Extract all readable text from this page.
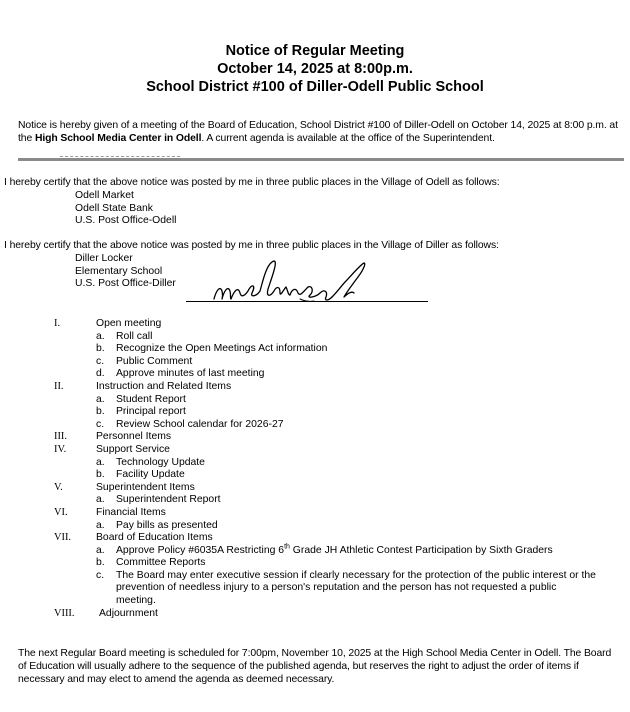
Notice of Regular Meeting
October 14, 2025 at 8:00p.m.
School District #100 of Diller-Odell Public School
Notice is hereby given of a meeting of the Board of Education, School District #100 of Diller-Odell on October 14, 2025 at 8:00 p.m. at the High School Media Center in Odell. A current agenda is available at the office of the Superintendent.
I hereby certify that the above notice was posted by me in three public places in the Village of Odell as follows:
Odell Market
Odell State Bank
U.S. Post Office-Odell
I hereby certify that the above notice was posted by me in three public places in the Village of Diller as follows:
Diller Locker
Elementary School
U.S. Post Office-Diller
I.	Open meeting
a. Roll call
b. Recognize the Open Meetings Act information
c. Public Comment
d. Approve minutes of last meeting
II.	Instruction and Related Items
a. Student Report
b. Principal report
c. Review School calendar for 2026-27
III.	Personnel Items
IV.	Support Service
a. Technology Update
b. Facility Update
V.	Superintendent Items
a. Superintendent Report
VI.	Financial Items
a. Pay bills as presented
VII. Board of Education Items
a. Approve Policy #6035A Restricting 6th Grade JH Athletic Contest Participation by Sixth Graders
b. Committee Reports
c. The Board may enter executive session if clearly necessary for the protection of the public interest or the prevention of needless injury to a person's reputation and the person has not requested a public meeting.
VIII. Adjournment
The next Regular Board meeting is scheduled for 7:00pm, November 10, 2025 at the High School Media Center in Odell. The Board of Education will usually adhere to the sequence of the published agenda, but reserves the right to adjust the order of items if necessary and may elect to amend the agenda as deemed necessary.
